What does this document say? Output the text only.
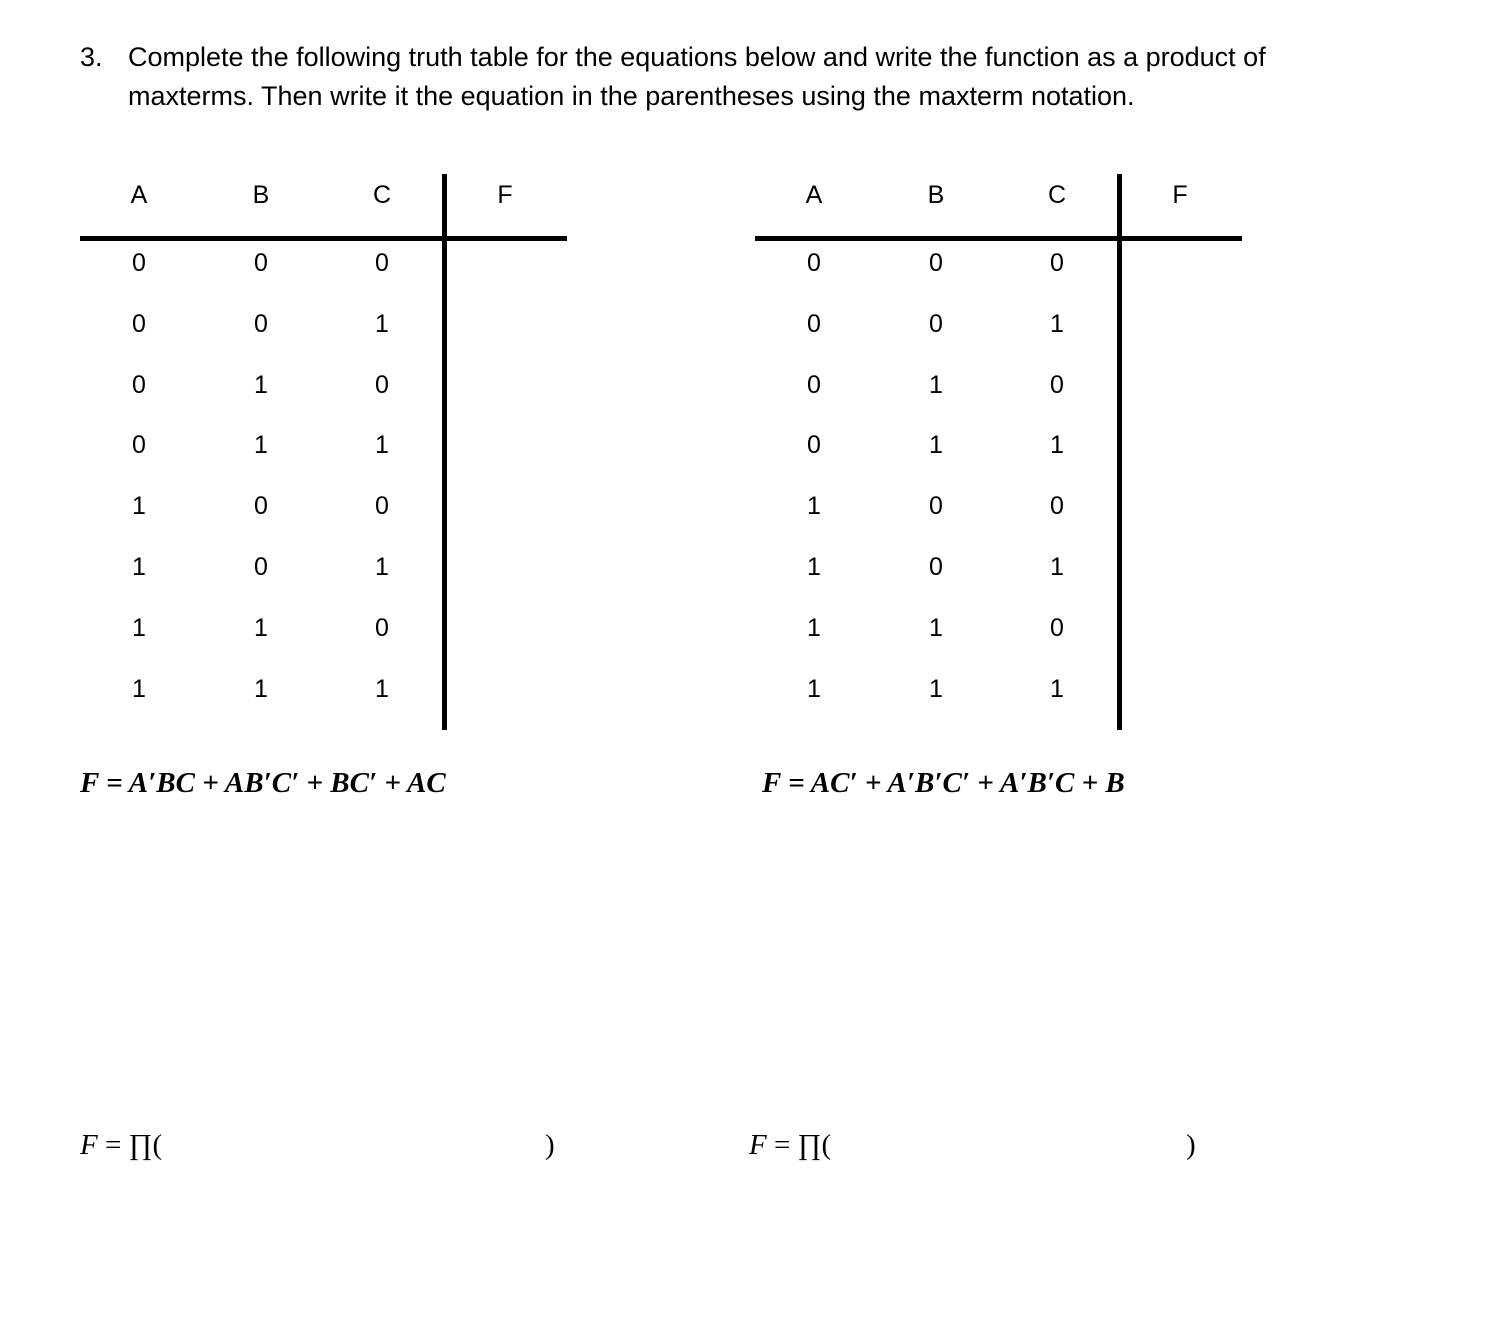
3. Complete the following truth table for the equations below and write the function as a product of
maxterms. Then write it the equation in the parentheses using the maxterm notation.
A	B	C	F
0	0	0
0	0	1
0	1	0
0	1	1
1	0	0
1	0	1
1	1	0
1	1	1
A	B	C	F
0	0	0
0	0	1
0	1	0
0	1	1
1	0	0
1	0	1
1	1	0
1	1	1
F = A′BC + AB′C′ + BC′ + AC	F = AC′ + A′B′C′ + A′B′C + B
F = ∏(	)	F = ∏(	)
